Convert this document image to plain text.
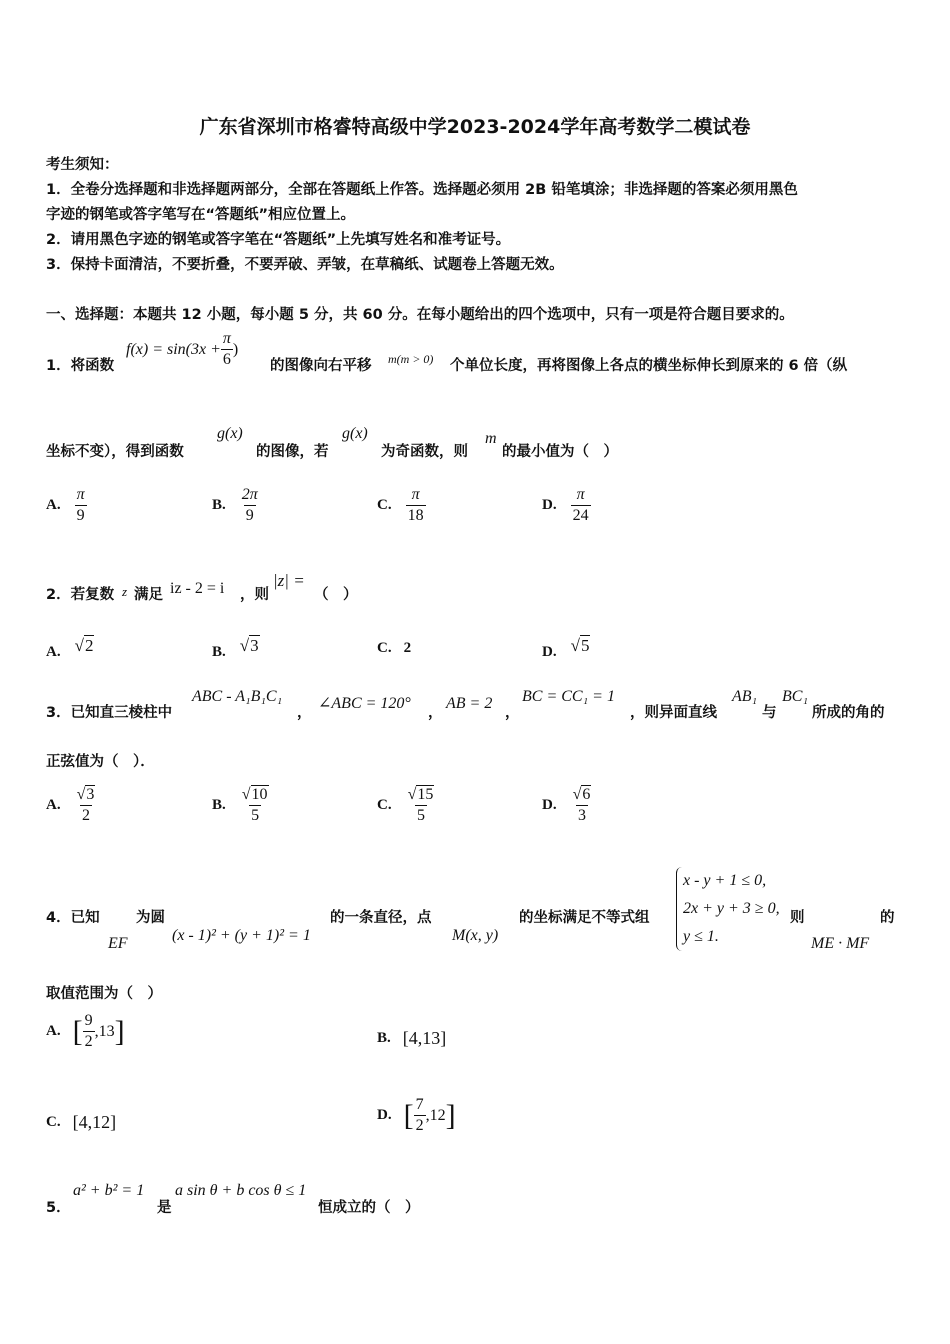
广东省深圳市格睿特高级中学2023-2024学年高考数学二模试卷
考生须知：
1．全卷分选择题和非选择题两部分，全部在答题纸上作答。选择题必须用 2B 铅笔填涂；非选择题的答案必须用黑色
字迹的钢笔或答字笔写在“答题纸”相应位置上。
2．请用黑色字迹的钢笔或答字笔在“答题纸”上先填写姓名和准考证号。
3．保持卡面清洁，不要折叠，不要弄破、弄皱，在草稿纸、试题卷上答题无效。
一、选择题：本题共 12 小题，每小题 5 分，共 60 分。在每小题给出的四个选项中，只有一项是符合题目要求的。
1．将函数
$f(x) = \sin(3x + \frac{\pi}{6}$ )
的图像向右平移 m(m > 0) 个单位长度，再将图像上各点的横坐标伸长到原来的 6 倍（纵
坐标不变），得到函数
g(x)
的图像，若
g(x)
为奇函数，则
m
的最小值为（　）
A. $\frac{\pi}{9}$	B. $\frac{2\pi}{9}$	C. $\frac{\pi}{18}$	D. $\frac{\pi}{24}$
2．若复数 z 满足 iz - 2 = i ，则
|z| =
（　）
A. √2	B. √3	C. 2	D. √5
3．已知直三棱柱中
ABC - A₁B₁C₁
，
∠ABC = 120°
，
AB = 2
，
BC = CC₁ = 1
，则异面直线
AB₁
与
BC₁
所成的角的
正弦值为（　）．
A. $\frac{√3}{2}$	B. $\frac{√10}{5}$	C. $\frac{√15}{5}$	D. $\frac{√6}{3}$
4．已知
EF
为圆
(x - 1)² + (y + 1)² = 1
的一条直径，点
M(x, y)
的坐标满足不等式组
x - y + 1 ≤ 0,
2x + y + 3 ≥ 0,
y ≤ 1.
则
ME · MF
的
取值范围为（　）
A. [ $\frac{9}{2} ,13$ ]	B. [4,13]
C. [4,12]	D. [ $\frac{7}{2} ,12$ ]
5．
a² + b² = 1
是
a sin θ + b cos θ ≤ 1
恒成立的（　）
